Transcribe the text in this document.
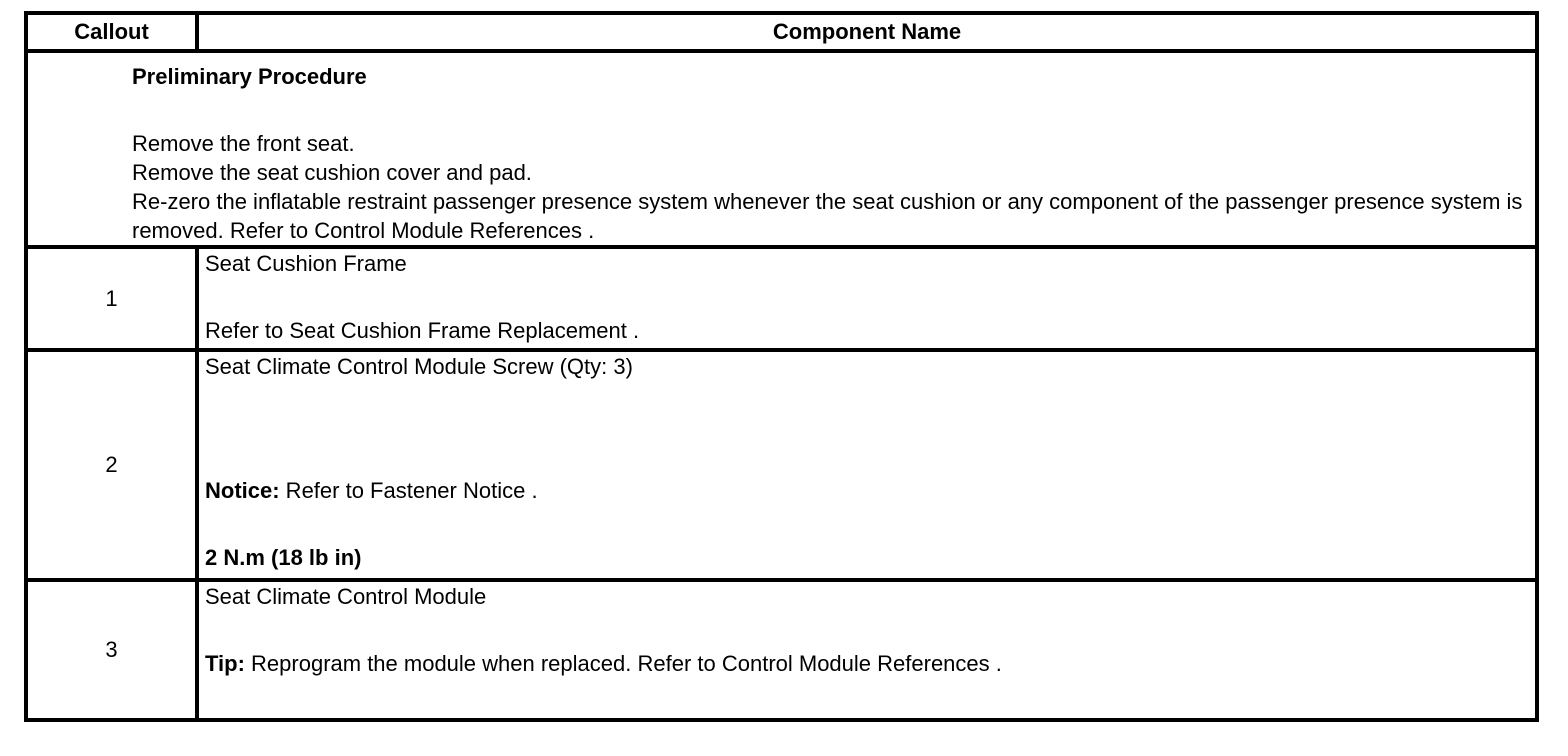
Callout	Component Name

Preliminary Procedure
Remove the front seat.
Remove the seat cushion cover and pad.
Re-zero the inflatable restraint passenger presence system whenever the seat cushion or any component of the passenger presence system is removed. Refer to Control Module References .	

1	Seat Cushion Frame
Refer to Seat Cushion Frame Replacement .

2	Seat Climate Control Module Screw (Qty: 3)
Notice: Refer to Fastener Notice .
2 N.m (18 lb in)

3	Seat Climate Control Module
Tip: Reprogram the module when replaced. Refer to Control Module References .
